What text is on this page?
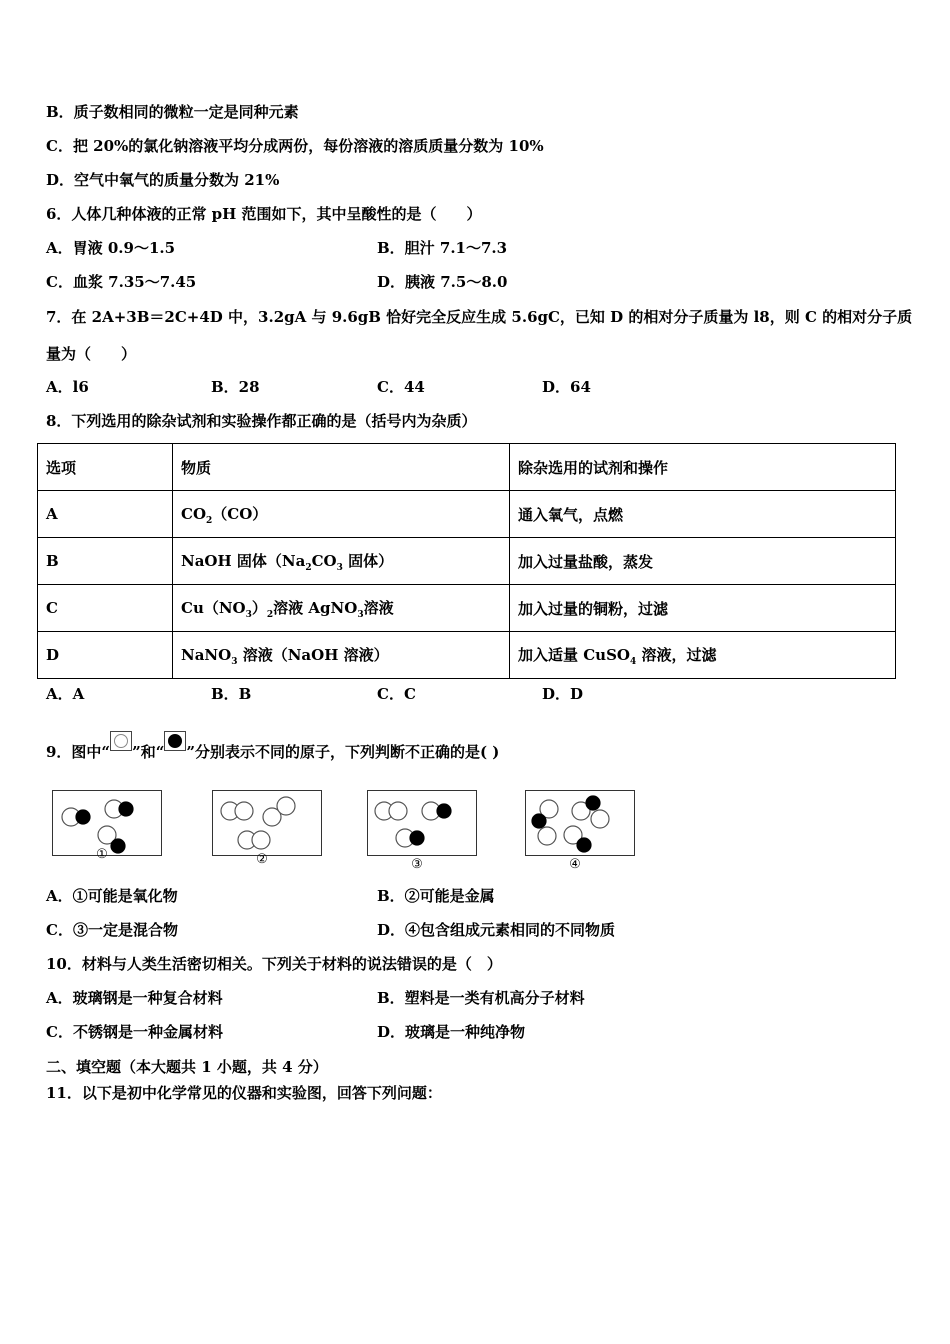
B．质子数相同的微粒一定是同种元素
C．把 20%的氯化钠溶液平均分成两份，每份溶液的溶质质量分数为 10%
D．空气中氧气的质量分数为 21%
6．人体几种体液的正常 pH 范围如下，其中呈酸性的是（　　）
A．胃液 0.9～1.5	B．胆汁 7.1～7.3
C．血浆 7.35～7.45	D．胰液 7.5～8.0
7．在 2A+3B＝2C+4D 中，3.2gA 与 9.6gB 恰好完全反应生成 5.6gC，已知 D 的相对分子质量为 l8，则 C 的相对分子质
量为（　　）
A．l6	B．28	C．44	D．64
8．下列选用的除杂试剂和实验操作都正确的是（括号内为杂质）
选项	物质	除杂选用的试剂和操作
A	$CO_2(CO)$	通入氧气，点燃
B	NaOH 固体（$Na_2CO_3$ 固体）	加入过量盐酸，蒸发
C	$Cu(NO_3)_2$溶液 AgNO$_3$溶液	加入过量的铜粉，过滤
D	NaNO$_3$ 溶液（NaOH 溶液）	加入适量 CuSO$_4$ 溶液，过滤
A．A	B．B	C．C	D．D
9．图中“ ”和“ ”分别表示不同的原子，下列判断不正确的是( )
①	②	③	④
A．①可能是氧化物	B．②可能是金属
C．③一定是混合物	D．④包含组成元素相同的不同物质
10．材料与人类生活密切相关。下列关于材料的说法错误的是（　）
A．玻璃钢是一种复合材料	B．塑料是一类有机高分子材料
C．不锈钢是一种金属材料	D．玻璃是一种纯净物
二、填空题（本大题共 1 小题，共 4 分）
11．以下是初中化学常见的仪器和实验图，回答下列问题：
